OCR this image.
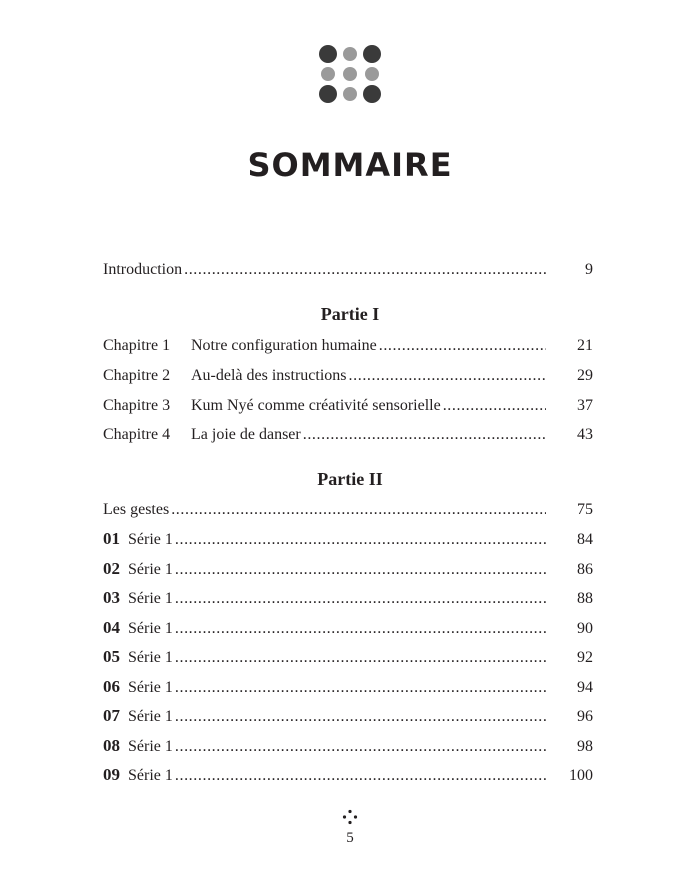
SOMMAIRE
Introduction .....	9
Partie I
Chapitre 1	Notre configuration humaine .....	21
Chapitre 2	Au-delà des instructions .....	29
Chapitre 3	Kum Nyé comme créativité sensorielle .....	37
Chapitre 4	La joie de danser .....	43
Partie II
Les gestes .....	75
01 Série 1 .....	84
02 Série 1 .....	86
03 Série 1 .....	88
04 Série 1 .....	90
05 Série 1 .....	92
06 Série 1 .....	94
07 Série 1 .....	96
08 Série 1 .....	98
09 Série 1 .....	100
5
